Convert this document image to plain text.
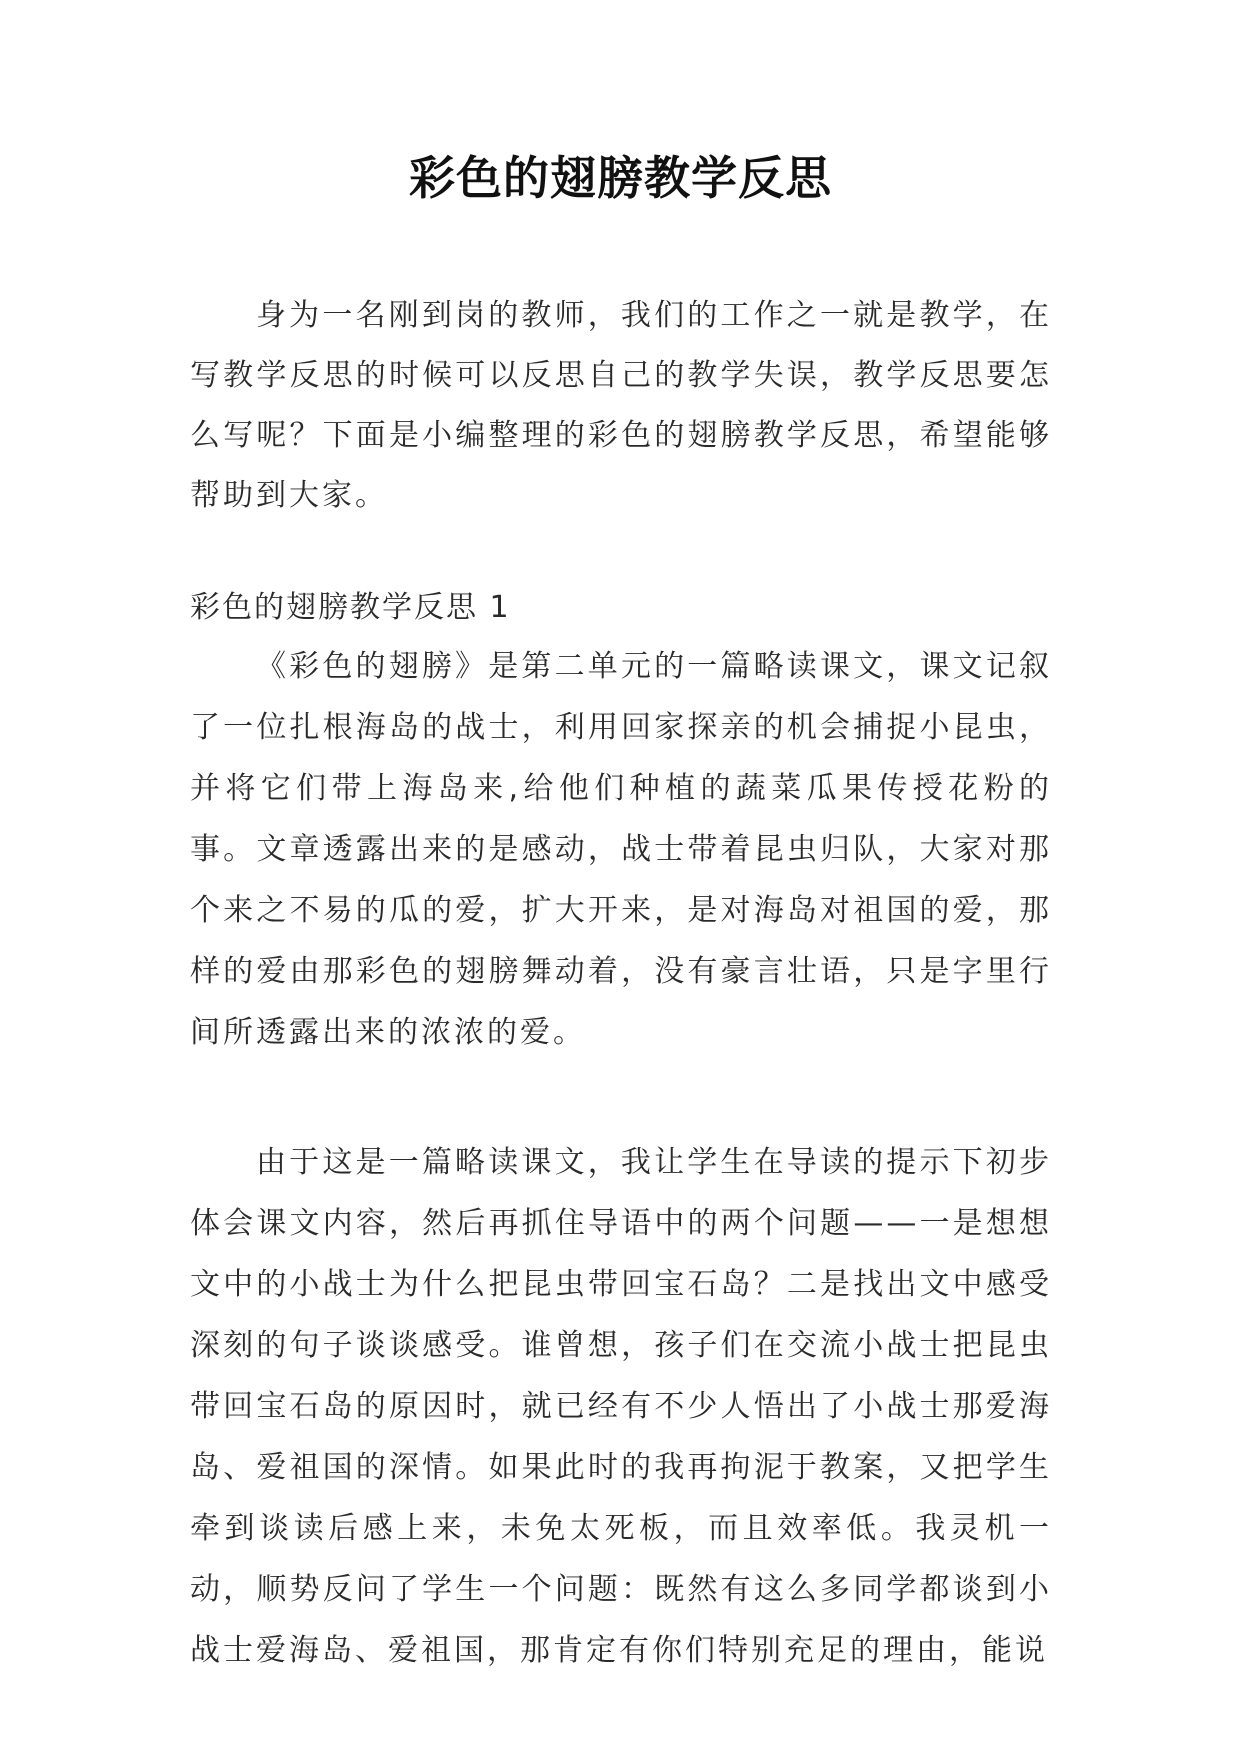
彩色的翅膀教学反思

身为一名刚到岗的教师，我们的工作之一就是教学，在写教学反思的时候可以反思自己的教学失误，教学反思要怎么写呢？下面是小编整理的彩色的翅膀教学反思，希望能够帮助到大家。

彩色的翅膀教学反思 1

《彩色的翅膀》是第二单元的一篇略读课文，课文记叙了一位扎根海岛的战士，利用回家探亲的机会捕捉小昆虫，并将它们带上海岛来,给他们种植的蔬菜瓜果传授花粉的事。文章透露出来的是感动，战士带着昆虫归队，大家对那个来之不易的瓜的爱，扩大开来，是对海岛对祖国的爱，那样的爱由那彩色的翅膀舞动着，没有豪言壮语，只是字里行间所透露出来的浓浓的爱。

由于这是一篇略读课文，我让学生在导读的提示下初步体会课文内容，然后再抓住导语中的两个问题——一是想想文中的小战士为什么把昆虫带回宝石岛？二是找出文中感受深刻的句子谈谈感受。谁曾想，孩子们在交流小战士把昆虫带回宝石岛的原因时，就已经有不少人悟出了小战士那爱海岛、爱祖国的深情。如果此时的我再拘泥于教案，又把学生牵到谈读后感上来，未免太死板，而且效率低。我灵机一动，顺势反问了学生一个问题：既然有这么多同学都谈到小战士爱海岛、爱祖国，那肯定有你们特别充足的理由，能说
